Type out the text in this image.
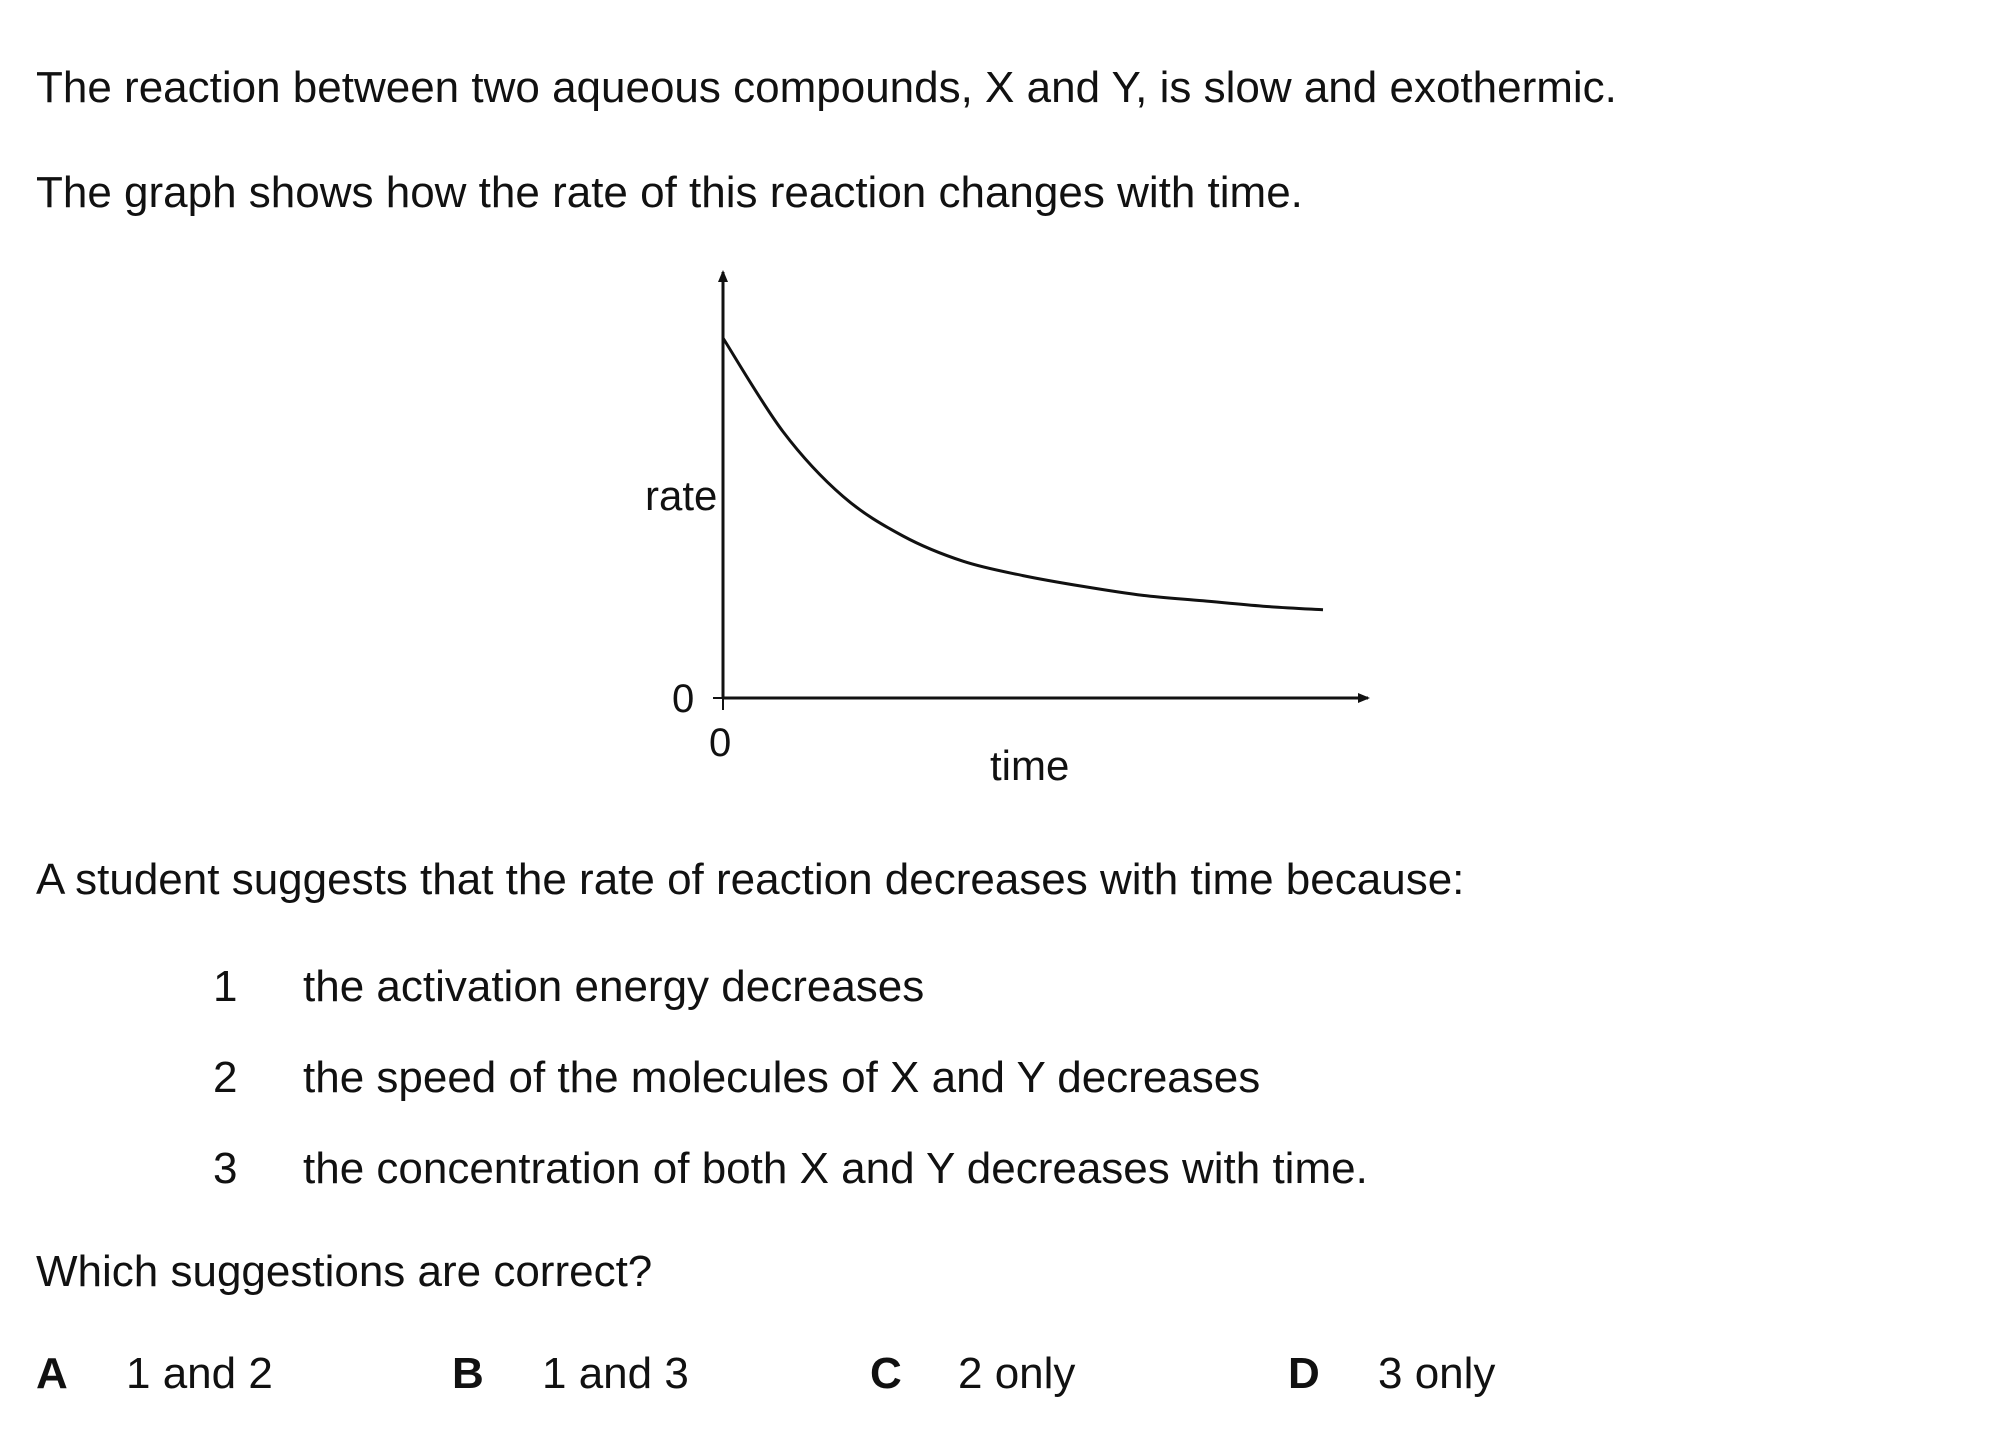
The reaction between two aqueous compounds, X and Y, is slow and exothermic.
The graph shows how the rate of this reaction changes with time.
rate
time
0
0
A student suggests that the rate of reaction decreases with time because:
1 the activation energy decreases
2 the speed of the molecules of X and Y decreases
3 the concentration of both X and Y decreases with time.
Which suggestions are correct?
A 1 and 2	B 1 and 3	C 2 only	D 3 only
